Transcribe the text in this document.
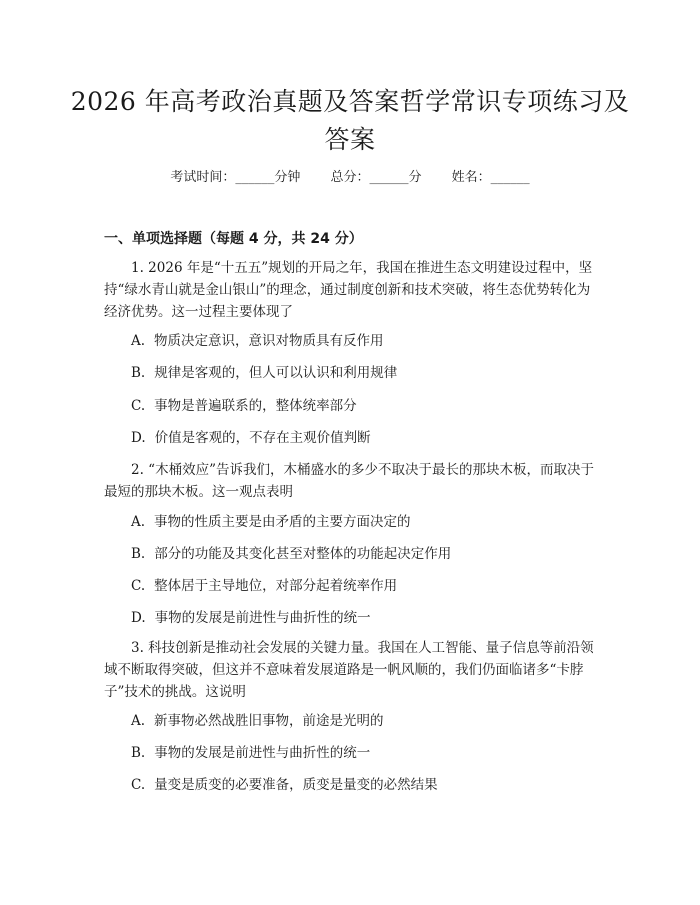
2026 年高考政治真题及答案哲学常识专项练习及答案
考试时间：______分钟 总分：______分 姓名：______
一、单项选择题（每题 4 分，共 24 分）

1. 2026 年是“十五五”规划的开局之年，我国在推进生态文明建设过程中，坚持“绿水青山就是金山银山”的理念，通过制度创新和技术突破，将生态优势转化为经济优势。这一过程主要体现了

A. 物质决定意识，意识对物质具有反作用

B. 规律是客观的，但人可以认识和利用规律

C. 事物是普遍联系的，整体统率部分

D. 价值是客观的，不存在主观价值判断

2. “木桶效应”告诉我们，木桶盛水的多少不取决于最长的那块木板，而取决于最短的那块木板。这一观点表明

A. 事物的性质主要是由矛盾的主要方面决定的

B. 部分的功能及其变化甚至对整体的功能起决定作用

C. 整体居于主导地位，对部分起着统率作用

D. 事物的发展是前进性与曲折性的统一

3. 科技创新是推动社会发展的关键力量。我国在人工智能、量子信息等前沿领域不断取得突破，但这并不意味着发展道路是一帆风顺的，我们仍面临诸多“卡脖子”技术的挑战。这说明

A. 新事物必然战胜旧事物，前途是光明的

B. 事物的发展是前进性与曲折性的统一

C. 量变是质变的必要准备，质变是量变的必然结果
